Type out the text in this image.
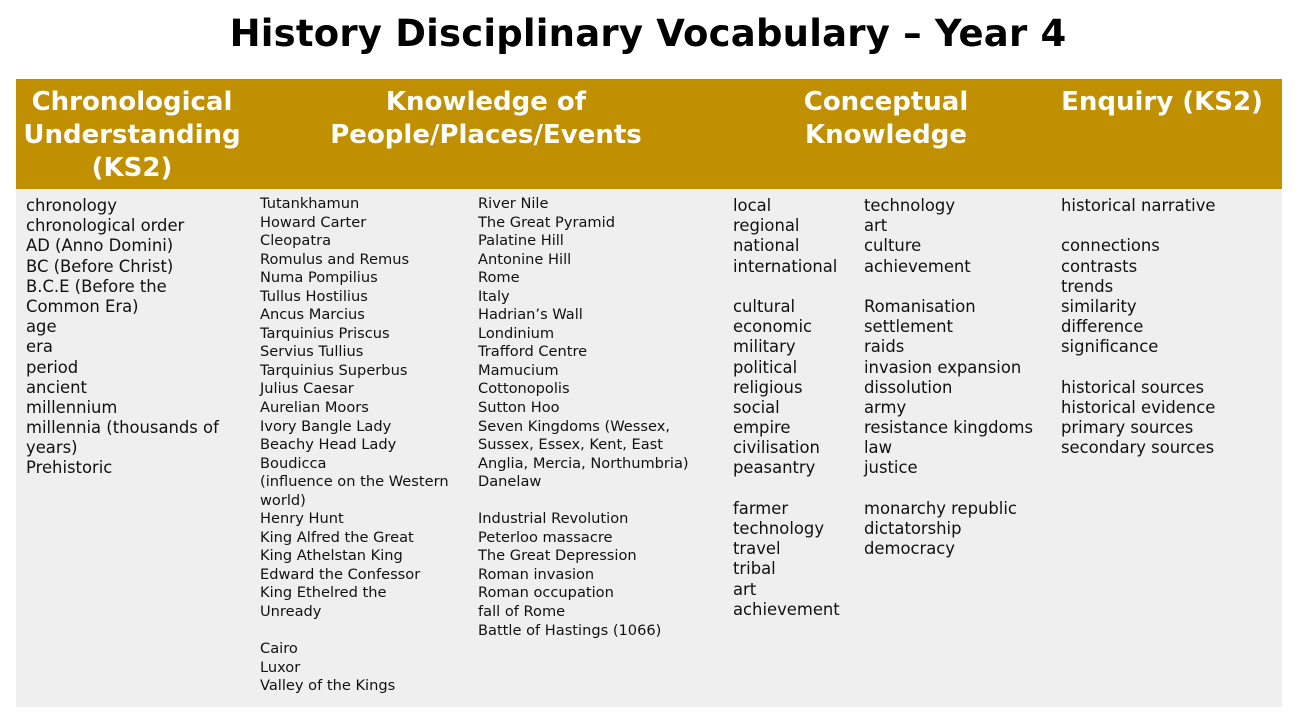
History Disciplinary Vocabulary – Year 4
Chronological
Understanding
(KS2)
Knowledge of
People/Places/Events
Conceptual
Knowledge
Enquiry (KS2)
chronology
chronological order
AD (Anno Domini)
BC (Before Christ)
B.C.E (Before the
Common Era)
age
era
period
ancient
millennium
millennia (thousands of
years)
Prehistoric
Tutankhamun
Howard Carter
Cleopatra
Romulus and Remus
Numa Pompilius
Tullus Hostilius
Ancus Marcius
Tarquinius Priscus
Servius Tullius
Tarquinius Superbus
Julius Caesar
Aurelian Moors
Ivory Bangle Lady
Beachy Head Lady
Boudicca
(influence on the Western
world)
Henry Hunt
King Alfred the Great
King Athelstan King
Edward the Confessor
King Ethelred the
Unready
Cairo
Luxor
Valley of the Kings
River Nile
The Great Pyramid
Palatine Hill
Antonine Hill
Rome
Italy
Hadrian’s Wall
Londinium
Trafford Centre
Mamucium
Cottonopolis
Sutton Hoo
Seven Kingdoms (Wessex,
Sussex, Essex, Kent, East
Anglia, Mercia, Northumbria)
Danelaw
Industrial Revolution
Peterloo massacre
The Great Depression
Roman invasion
Roman occupation
fall of Rome
Battle of Hastings (1066)
local
regional
national
international
cultural
economic
military
political
religious
social
empire
civilisation
peasantry
farmer
technology
travel
tribal
art
achievement
technology
art
culture
achievement
Romanisation
settlement
raids
invasion expansion
dissolution
army
resistance kingdoms
law
justice
monarchy republic
dictatorship
democracy
historical narrative
connections
contrasts
trends
similarity
difference
significance
historical sources
historical evidence
primary sources
secondary sources
